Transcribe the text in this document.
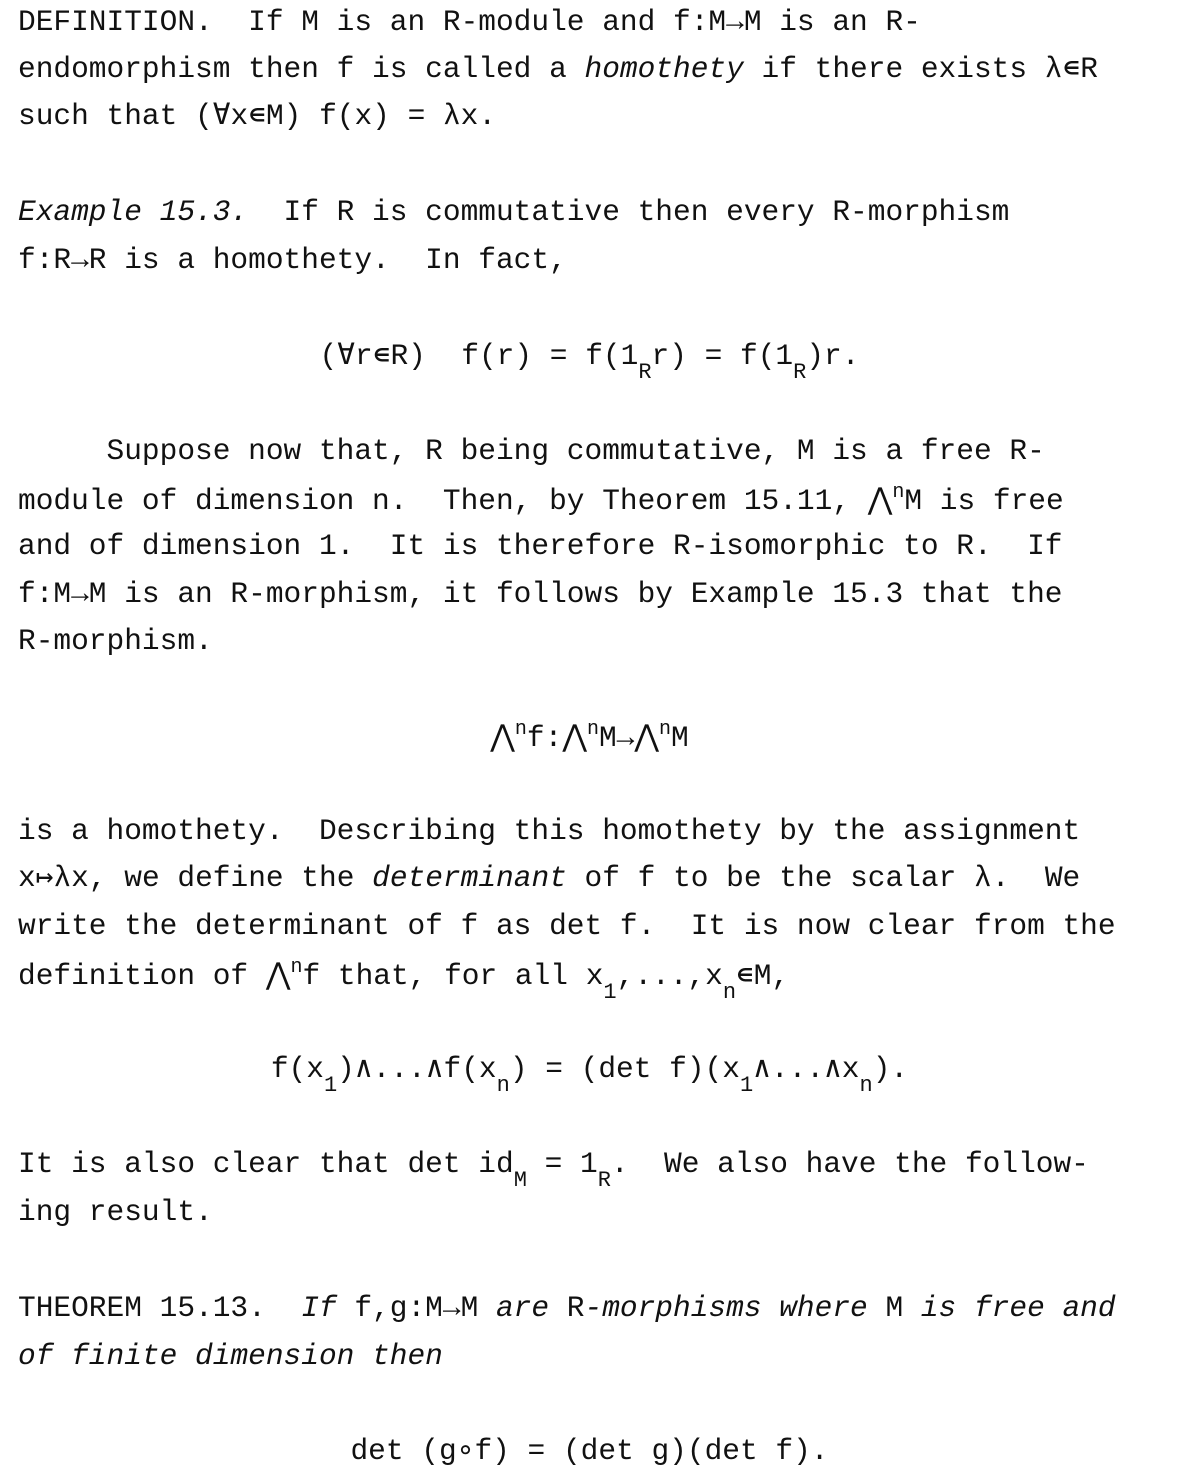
DEFINITION.  If M is an R-module and f:M→M is an R-
endomorphism then f is called a homothety if there exists λ∊R
such that (∀x∊M) f(x) = λx.
Example 15.3.  If R is commutative then every R-morphism
f:R→R is a homothety.  In fact,
(∀r∊R)  $f(r) = f(1_Rr) = f(1_R)r$.
Suppose now that, R being commutative, M is a free R-
module of dimension n.  Then, by Theorem 15.11, ⋀$^n$M is free
and of dimension 1.  It is therefore R-isomorphic to R.  If
f:M→M is an R-morphism, it follows by Example 15.3 that the
R-morphism.
⋀$^n$f:⋀$^n$M→⋀$^n$M
is a homothety.  Describing this homothety by the assignment
x↦λx, we define the determinant of f to be the scalar λ.  We
write the determinant of f as det f.  It is now clear from the
definition of ⋀$^n$f that, for all $x_1,...,x_n∊M$,
$f(x_1)\wedge...\wedge f(x_n) = (\det$ $f)(x_1\wedge...\wedge x_n)$.
It is also clear that $\det id_M = 1_R$.  We also have the follow-
ing result.
THEOREM 15.13.  If f,g:M→M are R-morphisms where M is free and
of finite dimension then
det (g∘f) = (det g)(det f).
